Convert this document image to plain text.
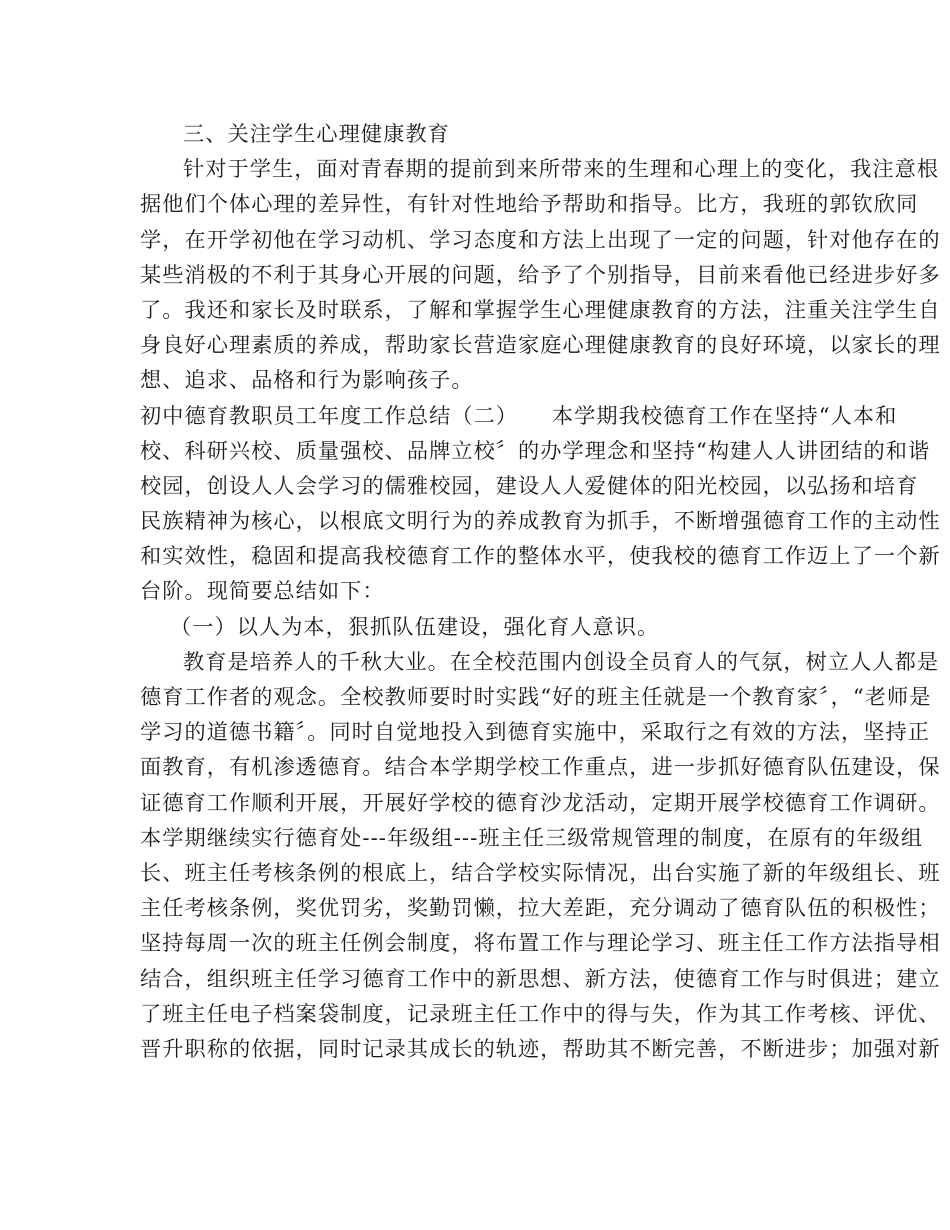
三、关注学生心理健康教育
针对于学生，面对青春期的提前到来所带来的生理和心理上的变化，我注意根
据他们个体心理的差异性，有针对性地给予帮助和指导。比方，我班的郭钦欣同
学，在开学初他在学习动机、学习态度和方法上出现了一定的问题，针对他存在的
某些消极的不利于其身心开展的问题，给予了个别指导，目前来看他已经进步好多
了。我还和家长及时联系，了解和掌握学生心理健康教育的方法，注重关注学生自
身良好心理素质的养成，帮助家长营造家庭心理健康教育的良好环境，以家长的理
想、追求、品格和行为影响孩子。
初中德育教职员工年度工作总结（二）　　本学期我校德育工作在坚持“人本和
校、科研兴校、质量强校、品牌立校〞的办学理念和坚持“构建人人讲团结的和谐
校园，创设人人会学习的儒雅校园，建设人人爱健体的阳光校园，以弘扬和培育
民族精神为核心，以根底文明行为的养成教育为抓手，不断增强德育工作的主动性
和实效性，稳固和提高我校德育工作的整体水平，使我校的德育工作迈上了一个新
台阶。现简要总结如下：
（一）以人为本，狠抓队伍建设，强化育人意识。
教育是培养人的千秋大业。在全校范围内创设全员育人的气氛，树立人人都是
德育工作者的观念。全校教师要时时实践“好的班主任就是一个教育家〞，“老师是
学习的道德书籍〞。同时自觉地投入到德育实施中，采取行之有效的方法，坚持正
面教育，有机渗透德育。结合本学期学校工作重点，进一步抓好德育队伍建设，保
证德育工作顺利开展，开展好学校的德育沙龙活动，定期开展学校德育工作调研。
本学期继续实行德育处---年级组---班主任三级常规管理的制度，在原有的年级组
长、班主任考核条例的根底上，结合学校实际情况，出台实施了新的年级组长、班
主任考核条例，奖优罚劣，奖勤罚懒，拉大差距，充分调动了德育队伍的积极性；
坚持每周一次的班主任例会制度，将布置工作与理论学习、班主任工作方法指导相
结合，组织班主任学习德育工作中的新思想、新方法，使德育工作与时俱进；建立
了班主任电子档案袋制度，记录班主任工作中的得与失，作为其工作考核、评优、
晋升职称的依据，同时记录其成长的轨迹，帮助其不断完善，不断进步；加强对新
